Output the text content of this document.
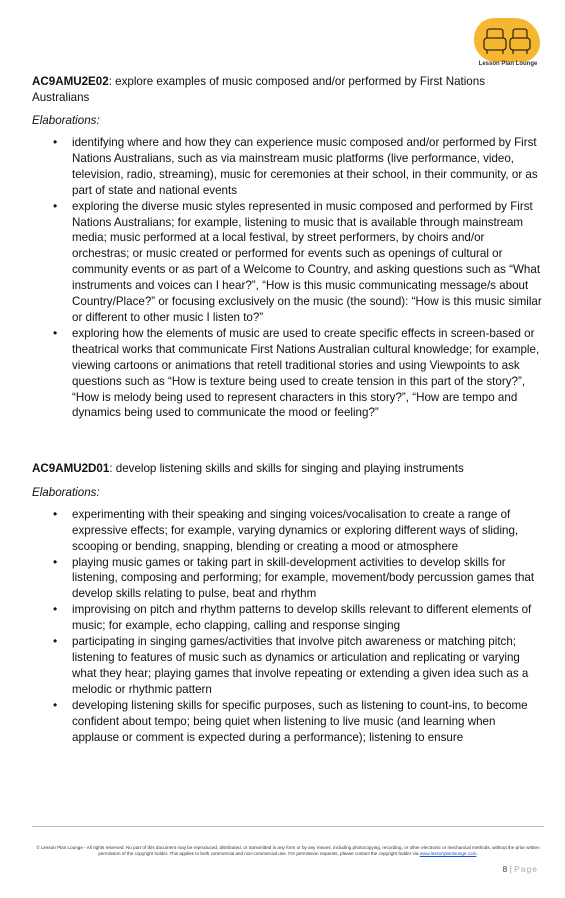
Lesson Plan Lounge

AC9AMU2E02: explore examples of music composed and/or performed by First Nations Australians

Elaborations:

• identifying where and how they can experience music composed and/or performed by First Nations Australians, such as via mainstream music platforms (live performance, video, television, radio, streaming), music for ceremonies at their school, in their community, or as part of state and national events
• exploring the diverse music styles represented in music composed and performed by First Nations Australians; for example, listening to music that is available through mainstream media; music performed at a local festival, by street performers, by choirs and/or orchestras; or music created or performed for events such as openings of cultural or community events or as part of a Welcome to Country, and asking questions such as “What instruments and voices can I hear?”, “How is this music communicating message/s about Country/Place?” or focusing exclusively on the music (the sound): “How is this music similar or different to other music I listen to?”
• exploring how the elements of music are used to create specific effects in screen-based or theatrical works that communicate First Nations Australian cultural knowledge; for example, viewing cartoons or animations that retell traditional stories and using Viewpoints to ask questions such as “How is texture being used to create tension in this part of the story?”, “How is melody being used to represent characters in this story?”, “How are tempo and dynamics being used to communicate the mood or feeling?”

AC9AMU2D01: develop listening skills and skills for singing and playing instruments

Elaborations:

• experimenting with their speaking and singing voices/vocalisation to create a range of expressive effects; for example, varying dynamics or exploring different ways of sliding, scooping or bending, snapping, blending or creating a mood or atmosphere
• playing music games or taking part in skill-development activities to develop skills for listening, composing and performing; for example, movement/body percussion games that develop skills relating to pulse, beat and rhythm
• improvising on pitch and rhythm patterns to develop skills relevant to different elements of music; for example, echo clapping, calling and response singing
• participating in singing games/activities that involve pitch awareness or matching pitch; listening to features of music such as dynamics or articulation and replicating or varying what they hear; playing games that involve repeating or extending a given idea such as a melodic or rhythmic pattern
• developing listening skills for specific purposes, such as listening to count-ins, to become confident about tempo; being quiet when listening to live music (and learning when applause or comment is expected during a performance); listening to ensure
© Lesson Plan Lounge - All rights reserved. No part of this document may be reproduced, distributed, or transmitted in any form or by any means, including photocopying, recording, or other electronic or mechanical methods, without the prior written permission of the copyright holder. This applies to both commercial and non-commercial use. For permission requests, please contact the copyright holder via www.lessonplanlounge.com.
8 | Page
